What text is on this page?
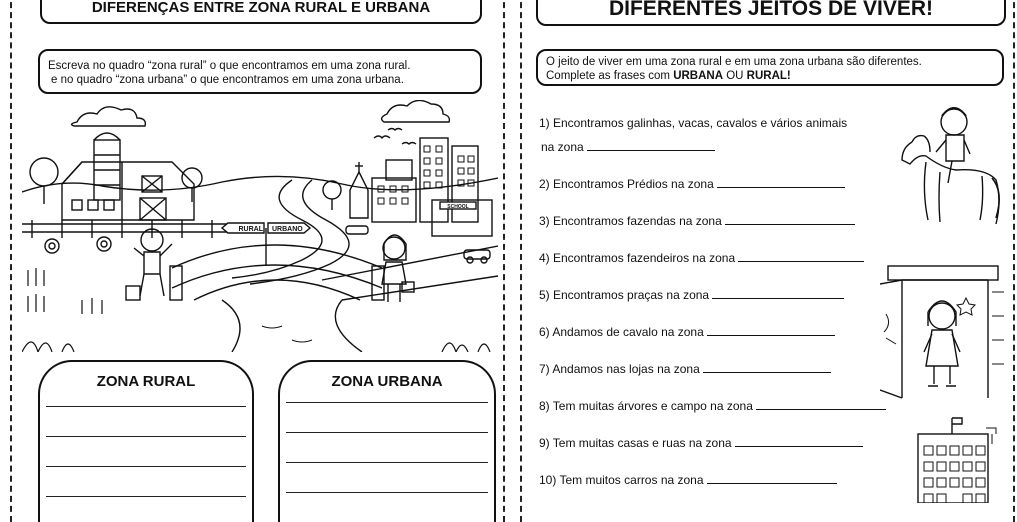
DIFERENÇAS ENTRE ZONA RURAL E URBANA
Escreva no quadro “zona rural” o que encontramos em uma zona rural.
e no quadro “zona urbana” o que encontramos em uma zona urbana.
RURAL URBANO
SCHOOL
ZONA RURAL	ZONA URBANA
DIFERENTES JEITOS DE VIVER!
O jeito de viver em uma zona rural e em uma zona urbana são diferentes.
Complete as frases com URBANA OU RURAL!
1) Encontramos galinhas, vacas, cavalos e vários animais
na zona
2) Encontramos Prédios na zona
3) Encontramos fazendas na zona
4) Encontramos fazendeiros na zona
5) Encontramos praças na zona
6) Andamos de cavalo na zona
7) Andamos nas lojas na zona
8) Tem muitas árvores e campo na zona
9) Tem muitas casas e ruas na zona
10) Tem muitos carros na zona
